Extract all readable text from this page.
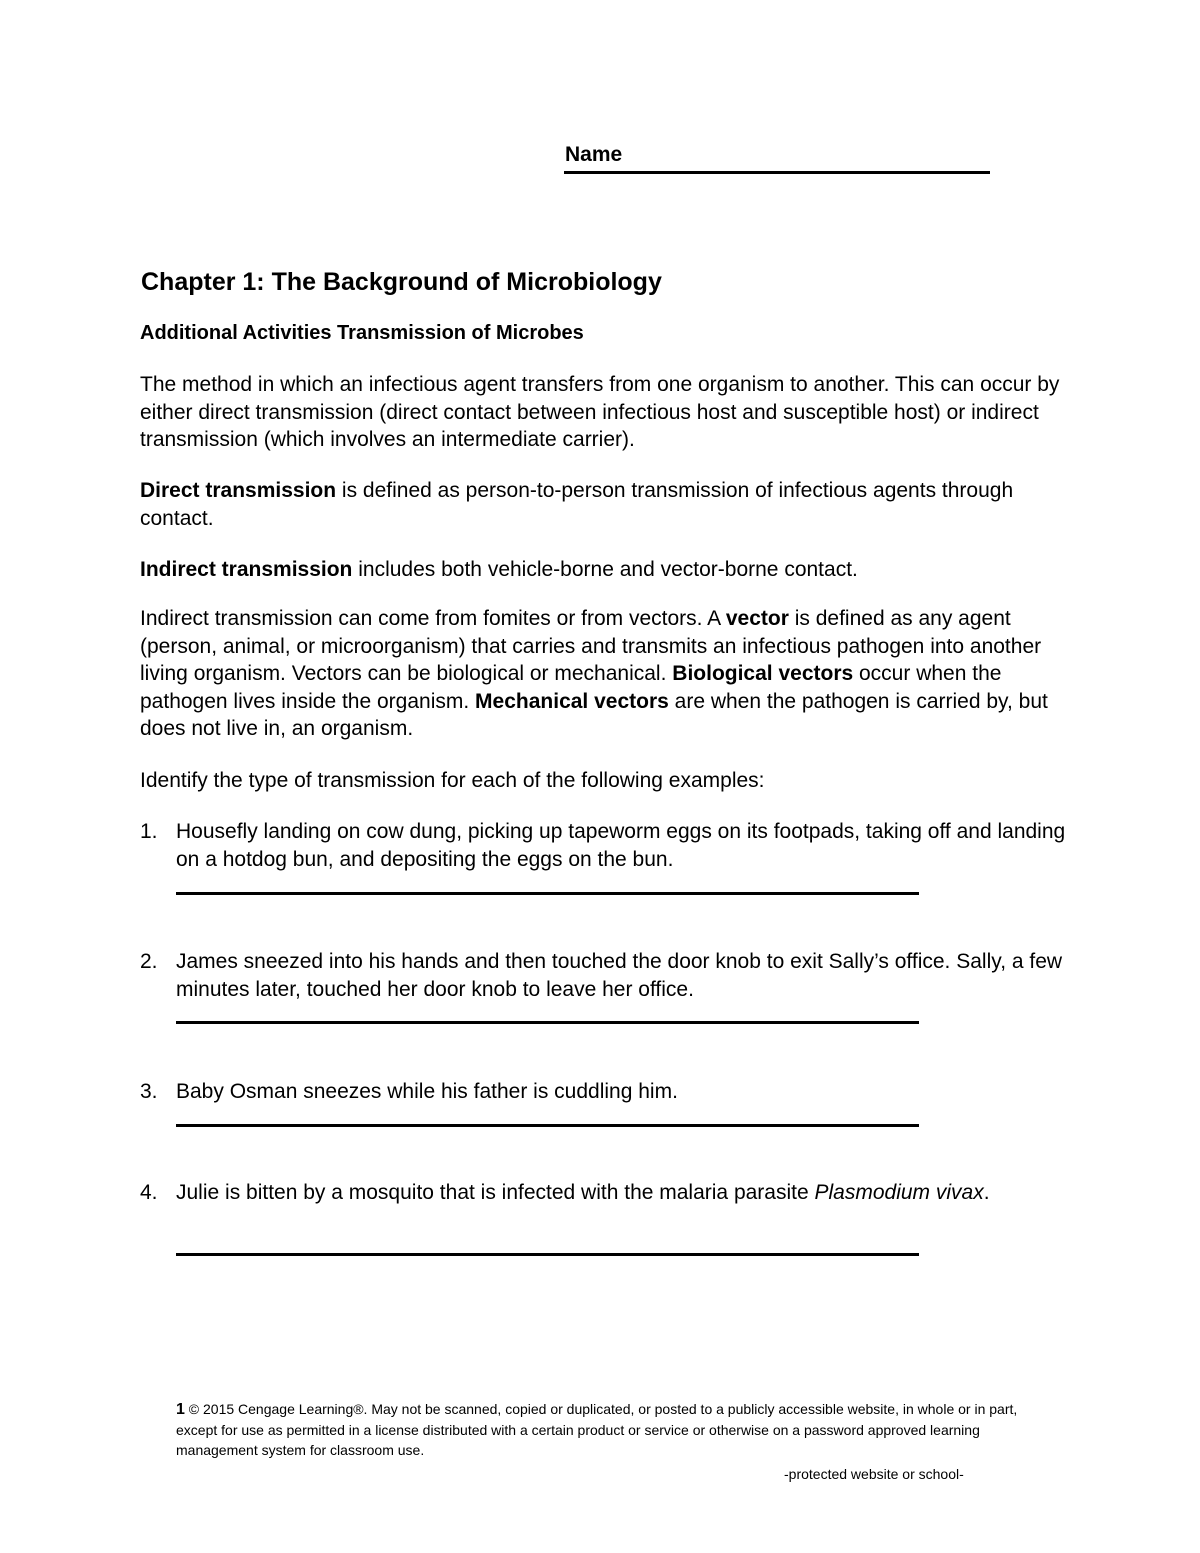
Name
Chapter 1: The Background of Microbiology
Additional Activities Transmission of Microbes
The method in which an infectious agent transfers from one organism to another. This can occur by either direct transmission (direct contact between infectious host and susceptible host) or indirect transmission (which involves an intermediate carrier).
Direct transmission is defined as person-to-person transmission of infectious agents through contact.
Indirect transmission includes both vehicle-borne and vector-borne contact.
Indirect transmission can come from fomites or from vectors. A vector is defined as any agent (person, animal, or microorganism) that carries and transmits an infectious pathogen into another living organism. Vectors can be biological or mechanical. Biological vectors occur when the pathogen lives inside the organism. Mechanical vectors are when the pathogen is carried by, but does not live in, an organism.
Identify the type of transmission for each of the following examples:
1. Housefly landing on cow dung, picking up tapeworm eggs on its footpads, taking off and landing on a hotdog bun, and depositing the eggs on the bun.
2. James sneezed into his hands and then touched the door knob to exit Sally’s office. Sally, a few minutes later, touched her door knob to leave her office.
3. Baby Osman sneezes while his father is cuddling him.
4. Julie is bitten by a mosquito that is infected with the malaria parasite Plasmodium vivax.
1 © 2015 Cengage Learning®. May not be scanned, copied or duplicated, or posted to a publicly accessible website, in whole or in part, except for use as permitted in a license distributed with a certain product or service or otherwise on a password approved learning management system for classroom use.
-protected website or school-
